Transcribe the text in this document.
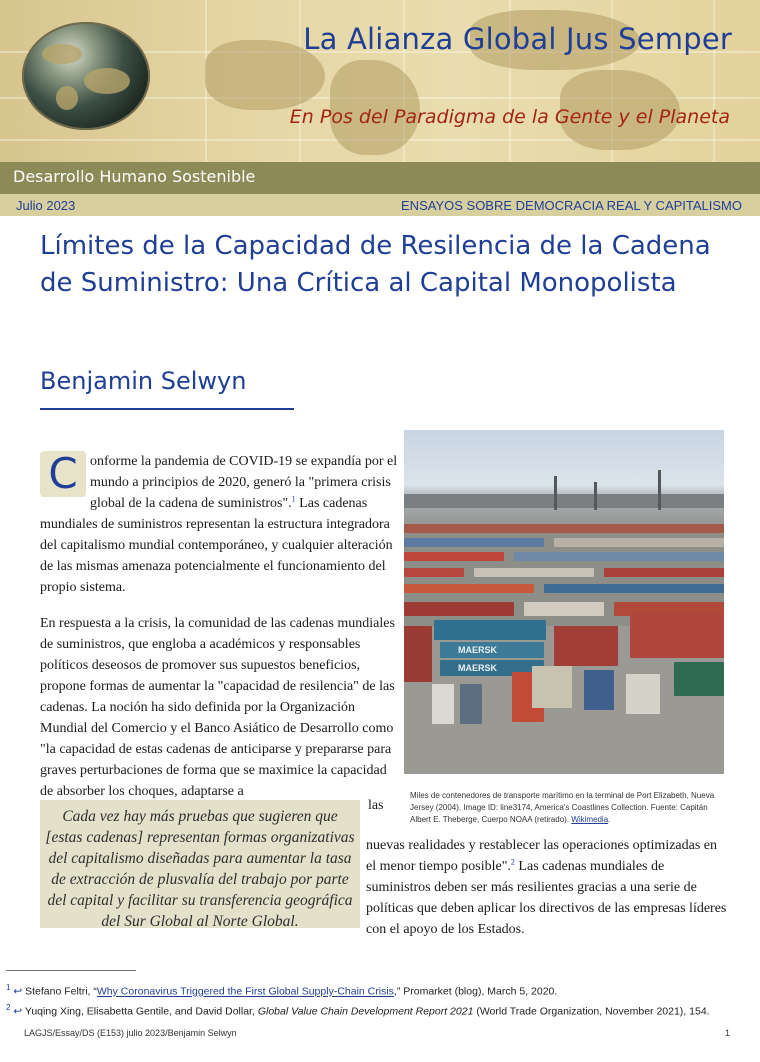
La Alianza Global Jus Semper
En Pos del Paradigma de la Gente y el Planeta
Desarrollo Humano Sostenible
Julio 2023	ENSAYOS SOBRE DEMOCRACIA REAL Y CAPITALISMO
Límites de la Capacidad de Resilencia de la Cadena de Suministro: Una Crítica al Capital Monopolista
Benjamin Selwyn

C onforme la pandemia de COVID-19 se expandía por el mundo a principios de 2020, generó la "primera crisis global de la cadena de suministros".$^1$ Las cadenas mundiales de suministros representan la estructura integradora del capitalismo mundial contemporáneo, y cualquier alteración de las mismas amenaza potencialmente el funcionamiento del propio sistema.

En respuesta a la crisis, la comunidad de las cadenas mundiales de suministros, que engloba a académicos y responsables políticos deseosos de promover sus supuestos beneficios, propone formas de aumentar la "capacidad de resilencia" de las cadenas. La noción ha sido definida por la Organización Mundial del Comercio y el Banco Asiático de Desarrollo como "la capacidad de estas cadenas de anticiparse y prepararse para graves perturbaciones de forma que se maximice la capacidad de absorber los choques, adaptarse a

las
MAERSK
MAERSK
Miles de contenedores de transporte marítimo en la terminal de Port Elizabeth, Nueva Jersey (2004). Image ID: line3174, America's Coastlines Collection. Fuente: Capitán Albert E. Theberge, Cuerpo NOAA (retirado). Wikimedia.
Cada vez hay más pruebas que sugieren que [estas cadenas] representan formas organizativas del capitalismo diseñadas para aumentar la tasa de extracción de plusvalía del trabajo por parte del capital y facilitar su transferencia geográfica del Sur Global al Norte Global.

nuevas realidades y restablecer las operaciones optimizadas en el menor tiempo posible".$^2$ Las cadenas mundiales de suministros deben ser más resilientes gracias a una serie de políticas que deben aplicar los directivos de las empresas líderes con el apoyo de los Estados.

$^1$ ↩ Stefano Feltri, “Why Coronavirus Triggered the First Global Supply-Chain Crisis,” Promarket (blog), March 5, 2020.
$^2$ ↩ Yuqing Xing, Elisabetta Gentile, and David Dollar, Global Value Chain Development Report 2021 (World Trade Organization, November 2021), 154.
LAGJS/Essay/DS (E153) julio 2023/Benjamin Selwyn	1
